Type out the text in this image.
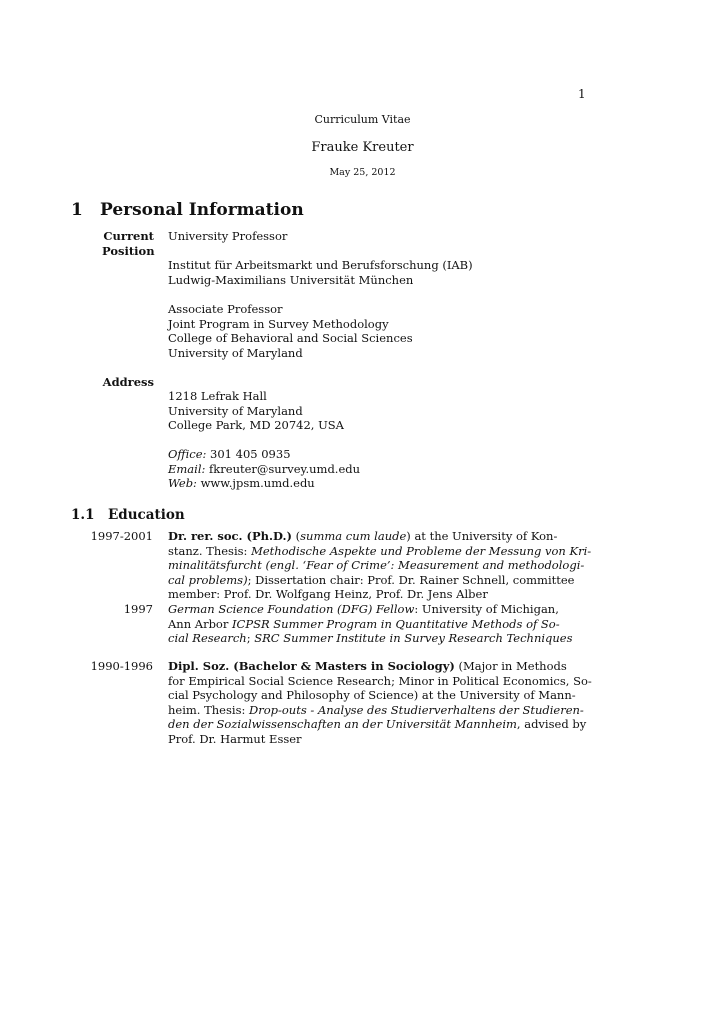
1
Curriculum Vitae
Frauke Kreuter
May 25, 2012
1 Personal Information
Current
Position
University Professor
Institut für Arbeitsmarkt und Berufsforschung (IAB)
Ludwig-Maximilians Universität München
Associate Professor
Joint Program in Survey Methodology
College of Behavioral and Social Sciences
University of Maryland
Address
1218 Lefrak Hall
University of Maryland
College Park, MD 20742, USA
Office: 301 405 0935
Email: fkreuter@survey.umd.edu
Web: www.jpsm.umd.edu
1.1 Education
1997-2001 Dr. rer. soc. (Ph.D.) (summa cum laude) at the University of Kon-
stanz. Thesis: Methodische Aspekte und Probleme der Messung von Kri-
minalitätsfurcht (engl. ‘Fear of Crime’: Measurement and methodologi-
cal problems); Dissertation chair: Prof. Dr. Rainer Schnell, committee
member: Prof. Dr. Wolfgang Heinz, Prof. Dr. Jens Alber
1997 German Science Foundation (DFG) Fellow: University of Michigan,
Ann Arbor ICPSR Summer Program in Quantitative Methods of So-
cial Research; SRC Summer Institute in Survey Research Techniques
1990-1996 Dipl. Soz. (Bachelor & Masters in Sociology) (Major in Methods
for Empirical Social Science Research; Minor in Political Economics, So-
cial Psychology and Philosophy of Science) at the University of Mann-
heim. Thesis: Drop-outs - Analyse des Studierverhaltens der Studieren-
den der Sozialwissenschaften an der Universität Mannheim, advised by
Prof. Dr. Harmut Esser
